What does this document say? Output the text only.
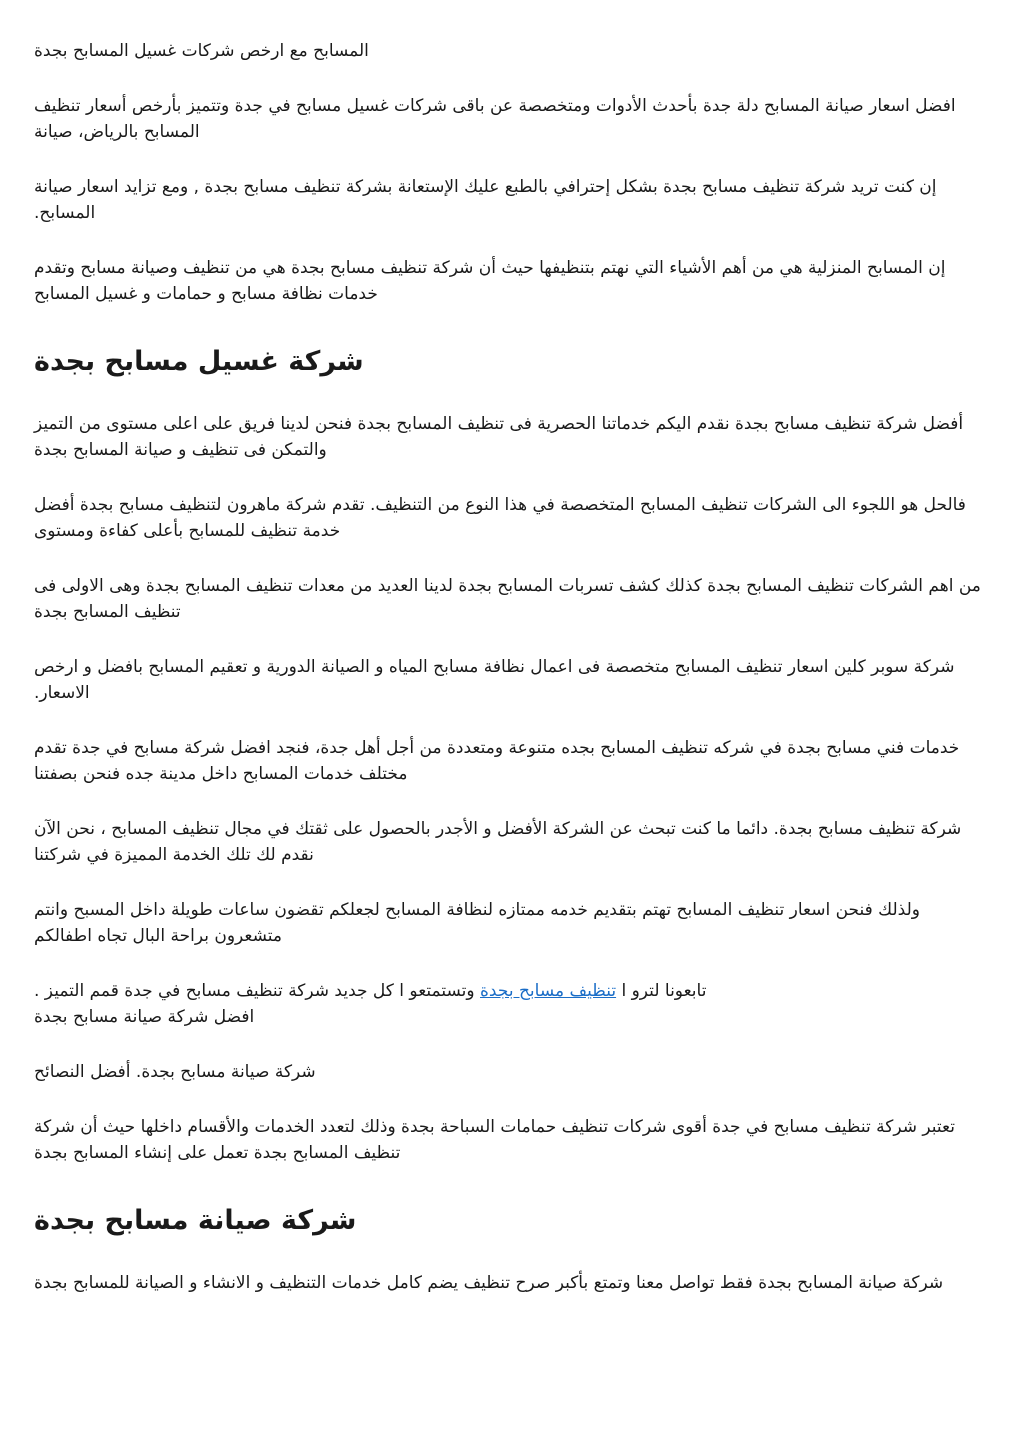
المسابح مع ارخص شركات غسيل المسابح بجدة

افضل اسعار صيانة المسابح دلة جدة بأحدث الأدوات ومتخصصة عن باقى شركات غسيل مسابح في جدة وتتميز بأرخص أسعار تنظيف المسابح بالرياض، صيانة

إن كنت تريد شركة تنظيف مسابح بجدة بشكل إحترافي بالطبع عليك الإستعانة بشركة تنظيف مسابح بجدة , ومع تزايد اسعار صيانة المسابح.

إن المسابح المنزلية هي من أهم الأشياء التي نهتم بتنظيفها حيث أن شركة تنظيف مسابح بجدة هي من تنظيف وصيانة مسابح وتقدم خدمات نظافة مسابح و حمامات و غسيل المسابح

شركة غسيل مسابح بجدة

أفضل شركة تنظيف مسابح بجدة نقدم اليكم خدماتنا الحصرية فى تنظيف المسابح بجدة فنحن لدينا فريق على اعلى مستوى من التميز والتمكن فى تنظيف و صيانة المسابح بجدة

فالحل هو اللجوء الى الشركات تنظيف المسابح المتخصصة في هذا النوع من التنظيف. تقدم شركة ماهرون لتنظيف مسابح بجدة أفضل خدمة تنظيف للمسابح بأعلى كفاءة ومستوى

من اهم الشركات تنظيف المسابح بجدة كذلك كشف تسربات المسابح بجدة لدينا العديد من معدات تنظيف المسابح بجدة وهى الاولى فى تنظيف المسابح بجدة

شركة سوبر كلين اسعار تنظيف المسابح متخصصة فى اعمال نظافة مسابح المياه و الصيانة الدورية و تعقيم المسابح بافضل و ارخص الاسعار.

خدمات فني مسابح بجدة في شركه تنظيف المسابح بجده متنوعة ومتعددة من أجل أهل جدة، فنجد افضل شركة مسابح في جدة تقدم مختلف خدمات المسابح داخل مدينة جده فنحن بصفتنا

شركة تنظيف مسابح بجدة. دائما ما كنت تبحث عن الشركة الأفضل و الأجدر بالحصول على ثقتك في مجال تنظيف المسابح ، نحن الآن نقدم لك تلك الخدمة المميزة في شركتنا

ولذلك فنحن اسعار تنظيف المسابح تهتم بتقديم خدمه ممتازه لنظافة المسابح لجعلكم تقضون ساعات طويلة داخل المسبح وانتم متشعرون براحة البال تجاه اطفالكم

تابعونا لترو ا تنظيف مسابح بجدة وتستمتعو ا كل جديد شركة تنظيف مسابح في جدة قمم التميز .
افضل شركة صيانة مسابح بجدة

شركة صيانة مسابح بجدة. أفضل النصائح

تعتبر شركة تنظيف مسابح في جدة أقوى شركات تنظيف حمامات السباحة بجدة وذلك لتعدد الخدمات والأقسام داخلها حيث أن شركة تنظيف المسابح بجدة تعمل على إنشاء المسابح بجدة

شركة صيانة مسابح بجدة

شركة صيانة المسابح بجدة فقط تواصل معنا وتمتع بأكبر صرح تنظيف يضم كامل خدمات التنظيف و الانشاء و الصيانة للمسابح بجدة
